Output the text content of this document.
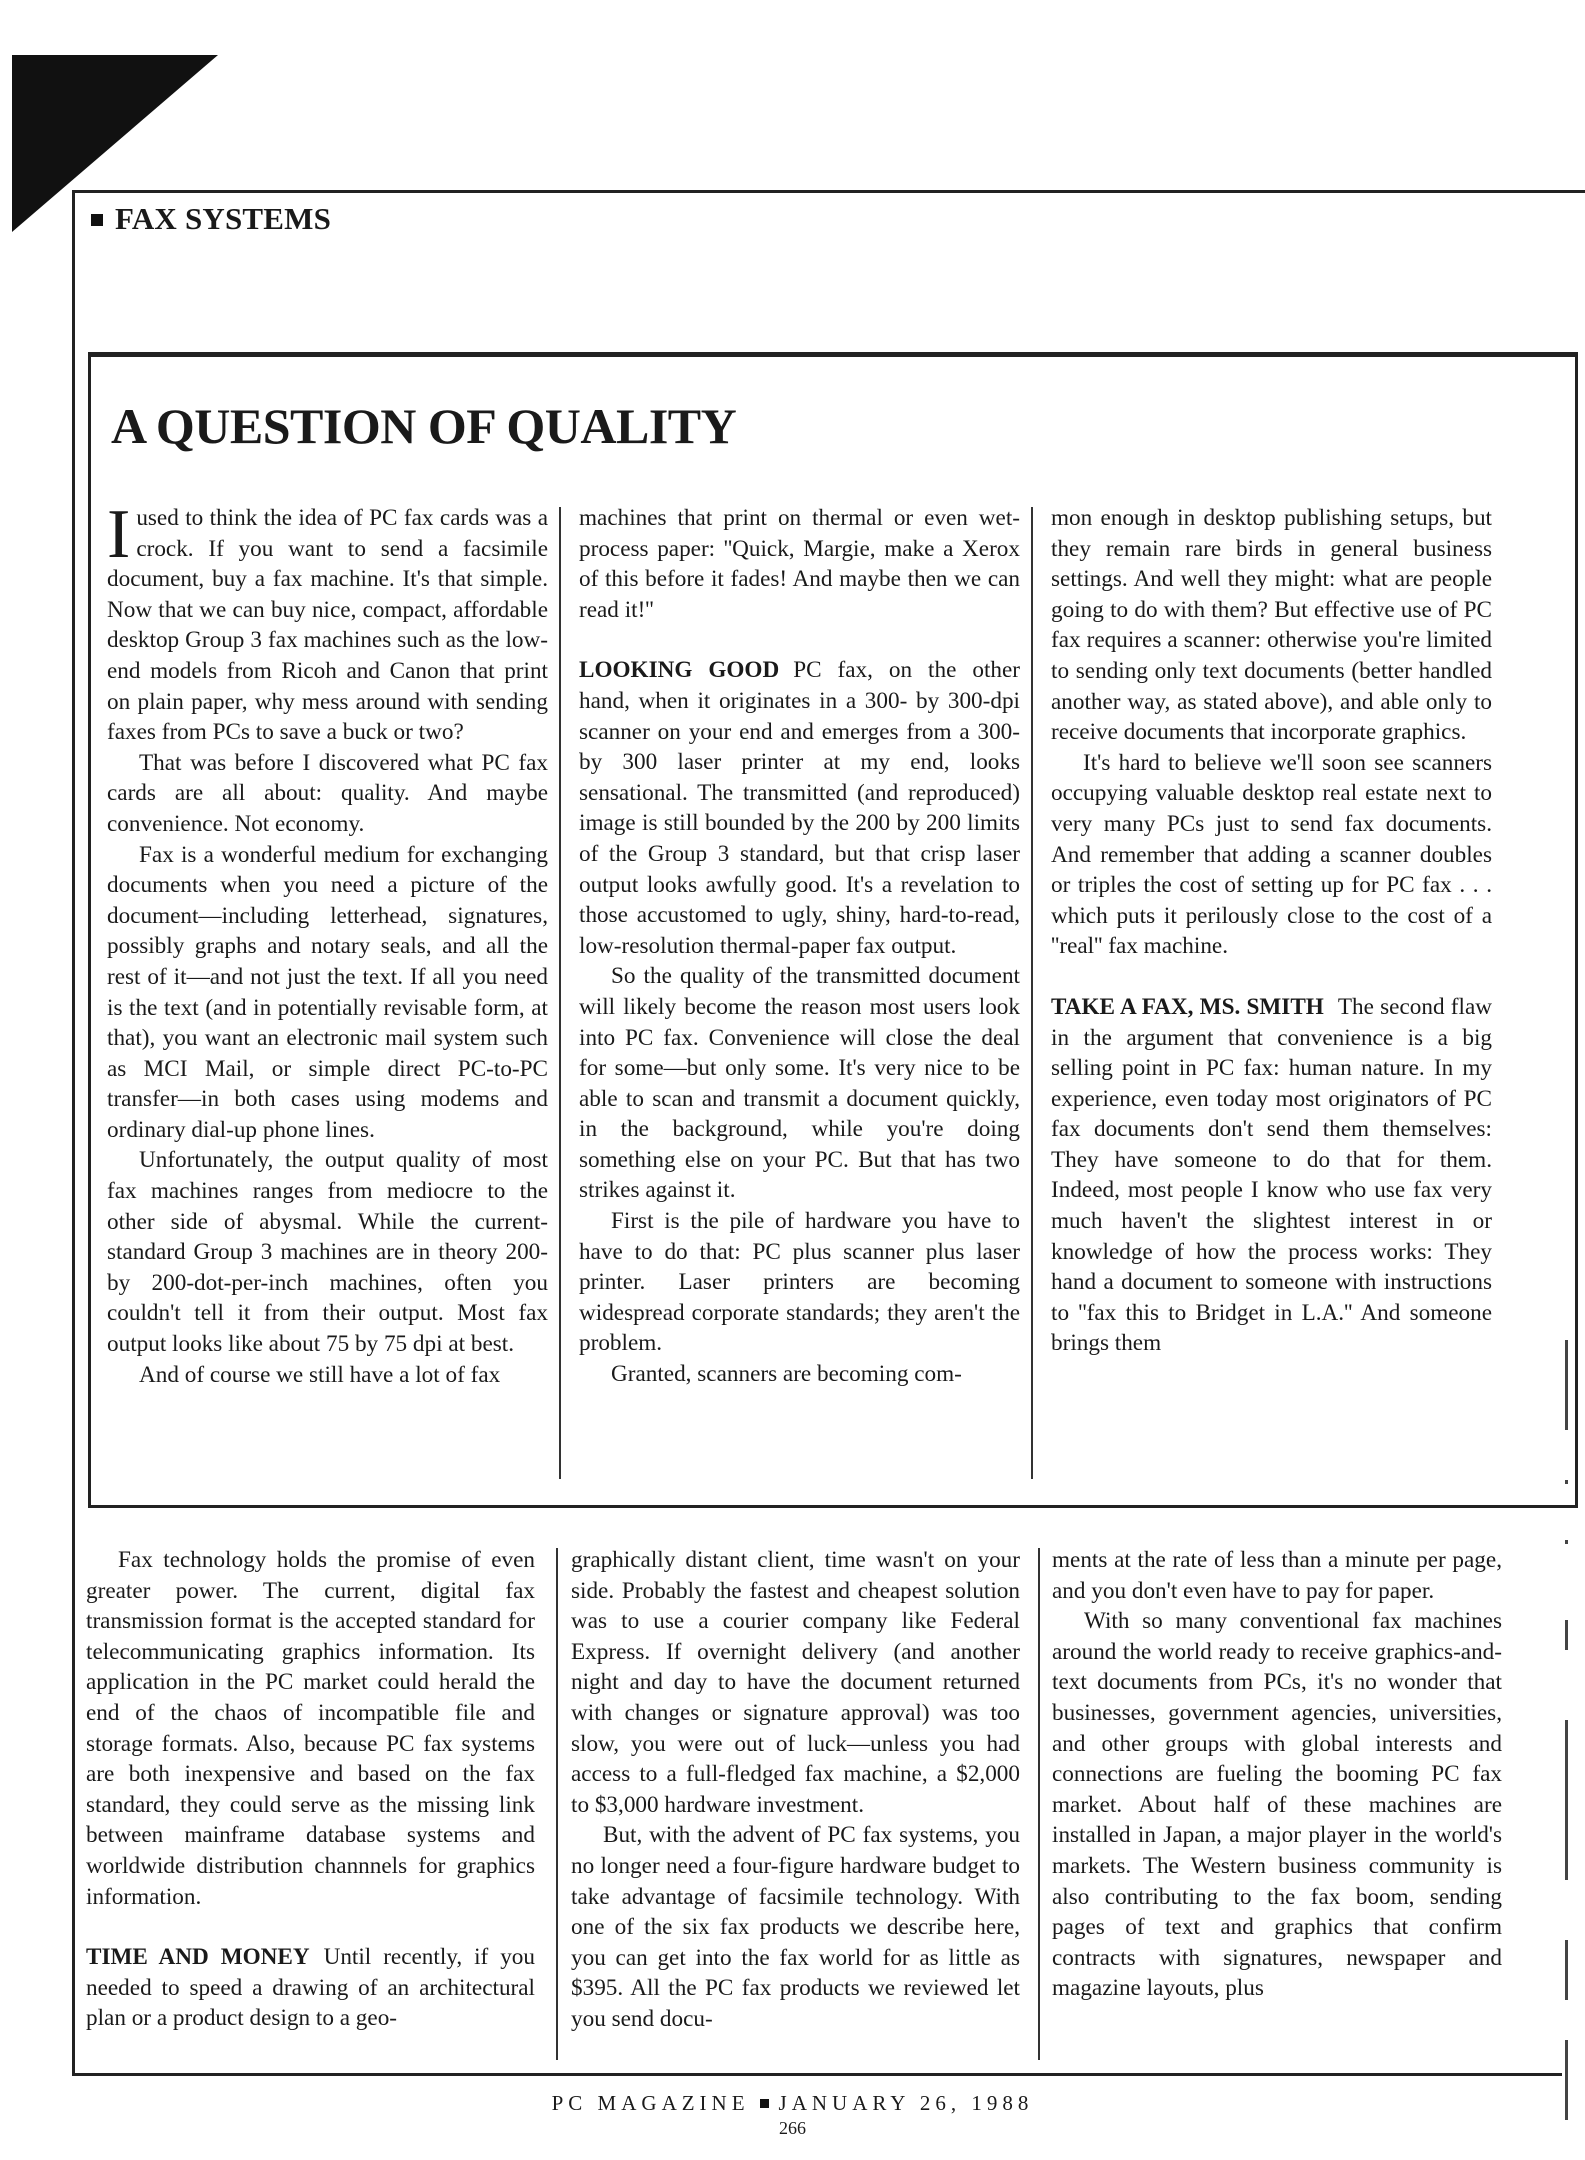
FAX SYSTEMS
A QUESTION OF QUALITY

Iused to think the idea of PC fax cards was a crock. If you want to send a facsimile document, buy a fax machine. It's that simple. Now that we can buy nice, compact, affordable desktop Group 3 fax machines such as the low-end models from Ricoh and Canon that print on plain paper, why mess around with sending faxes from PCs to save a buck or two?

That was before I discovered what PC fax cards are all about: quality. And maybe convenience. Not economy.

Fax is a wonderful medium for exchanging documents when you need a picture of the document—including letterhead, signatures, possibly graphs and notary seals, and all the rest of it—and not just the text. If all you need is the text (and in potentially revisable form, at that), you want an electronic mail system such as MCI Mail, or simple direct PC-to-PC transfer—in both cases using modems and ordinary dial-up phone lines.

Unfortunately, the output quality of most fax machines ranges from mediocre to the other side of abysmal. While the current-standard Group 3 machines are in theory 200- by 200-dot-per-inch machines, often you couldn't tell it from their output. Most fax output looks like about 75 by 75 dpi at best.

And of course we still have a lot of fax

machines that print on thermal or even wet-process paper: ''Quick, Margie, make a Xerox of this before it fades! And maybe then we can read it!''

LOOKING GOOD PC fax, on the other hand, when it originates in a 300- by 300-dpi scanner on your end and emerges from a 300- by 300 laser printer at my end, looks sensational. The transmitted (and reproduced) image is still bounded by the 200 by 200 limits of the Group 3 standard, but that crisp laser output looks awfully good. It's a revelation to those accustomed to ugly, shiny, hard-to-read, low-resolution thermal-paper fax output.

So the quality of the transmitted document will likely become the reason most users look into PC fax. Convenience will close the deal for some—but only some. It's very nice to be able to scan and transmit a document quickly, in the background, while you're doing something else on your PC. But that has two strikes against it.

First is the pile of hardware you have to have to do that: PC plus scanner plus laser printer. Laser printers are becoming widespread corporate standards; they aren't the problem.

Granted, scanners are becoming com-

mon enough in desktop publishing setups, but they remain rare birds in general business settings. And well they might: what are people going to do with them? But effective use of PC fax requires a scanner: otherwise you're limited to sending only text documents (better handled another way, as stated above), and able only to receive documents that incorporate graphics.

It's hard to believe we'll soon see scanners occupying valuable desktop real estate next to very many PCs just to send fax documents. And remember that adding a scanner doubles or triples the cost of setting up for PC fax . . . which puts it perilously close to the cost of a ''real'' fax machine.

TAKE A FAX, MS. SMITH The second flaw in the argument that convenience is a big selling point in PC fax: human nature. In my experience, even today most originators of PC fax documents don't send them themselves: They have someone to do that for them. Indeed, most people I know who use fax very much haven't the slightest interest in or knowledge of how the process works: They hand a document to someone with instructions to ''fax this to Bridget in L.A.'' And someone brings them

Fax technology holds the promise of even greater power. The current, digital fax transmission format is the accepted standard for telecommunicating graphics information. Its application in the PC market could herald the end of the chaos of incompatible file and storage formats. Also, because PC fax systems are both inexpensive and based on the fax standard, they could serve as the missing link between mainframe database systems and worldwide distribution channnels for graphics information.

TIME AND MONEY Until recently, if you needed to speed a drawing of an architectural plan or a product design to a geo-

graphically distant client, time wasn't on your side. Probably the fastest and cheapest solution was to use a courier company like Federal Express. If overnight delivery (and another night and day to have the document returned with changes or signature approval) was too slow, you were out of luck—unless you had access to a full-fledged fax machine, a $2,000 to $3,000 hardware investment.

But, with the advent of PC fax systems, you no longer need a four-figure hardware budget to take advantage of facsimile technology. With one of the six fax products we describe here, you can get into the fax world for as little as $395. All the PC fax products we reviewed let you send docu-

ments at the rate of less than a minute per page, and you don't even have to pay for paper.

With so many conventional fax machines around the world ready to receive graphics-and-text documents from PCs, it's no wonder that businesses, government agencies, universities, and other groups with global interests and connections are fueling the booming PC fax market. About half of these machines are installed in Japan, a major player in the world's markets. The Western business community is also contributing to the fax boom, sending pages of text and graphics that confirm contracts with signatures, newspaper and magazine layouts, plus

PC MAGAZINE JANUARY 26, 1988
266
